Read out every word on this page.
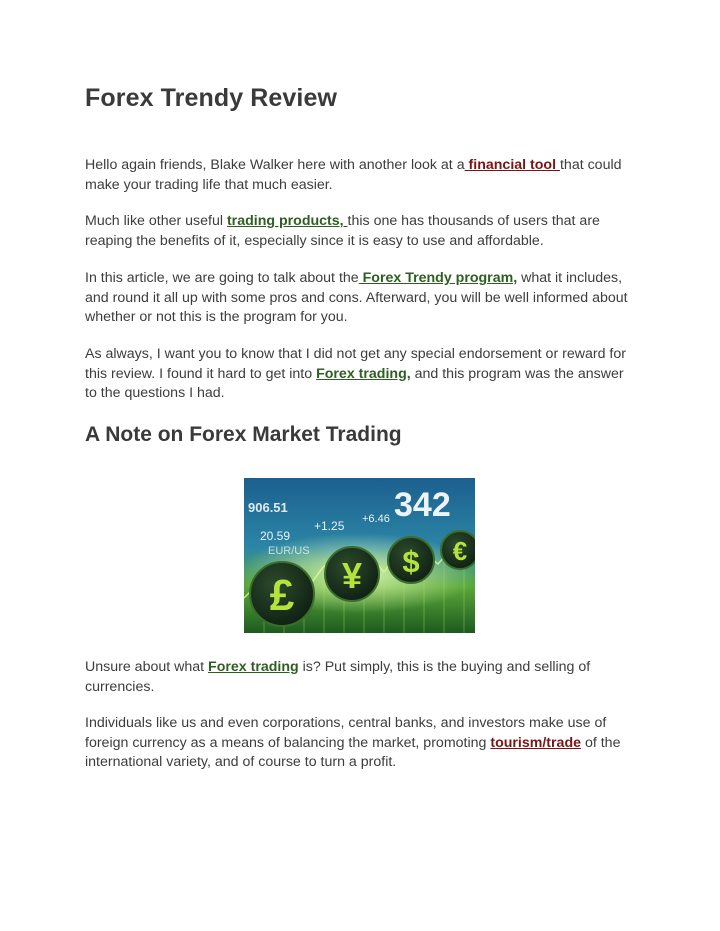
Forex Trendy Review

Hello again friends, Blake Walker here with another look at a financial tool that could make your trading life that much easier.

Much like other useful trading products, this one has thousands of users that are reaping the benefits of it, especially since it is easy to use and affordable.

In this article, we are going to talk about the Forex Trendy program, what it includes, and round it all up with some pros and cons. Afterward, you will be well informed about whether or not this is the program for you.

As always, I want you to know that I did not get any special endorsement or reward for this review. I found it hard to get into Forex trading, and this program was the answer to the questions I had.

A Note on Forex Market Trading

Unsure about what Forex trading is? Put simply, this is the buying and selling of currencies.

Individuals like us and even corporations, central banks, and investors make use of foreign currency as a means of balancing the market, promoting tourism/trade of the international variety, and of course to turn a profit.

906.51
20.59
+1.25 +6.46 342
EUR/US
£ ¥ $ €
